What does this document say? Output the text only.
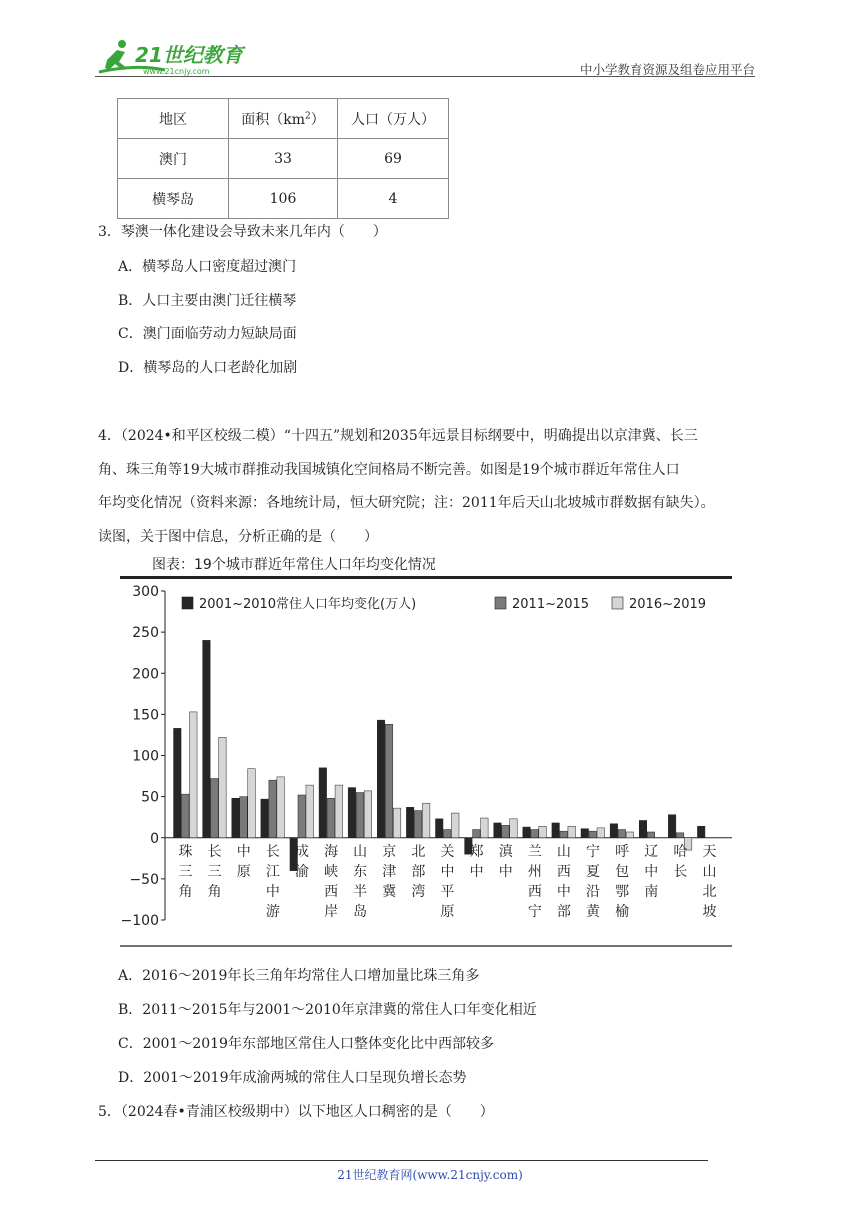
21世纪教育
www.21cnjy.com	中小学教育资源及组卷应用平台
地区	面积$(km^2)$	人口（万人）
澳门	33	69
横琴岛	106	4
3．琴澳一体化建设会导致未来几年内（　　）
A．横琴岛人口密度超过澳门
B．人口主要由澳门迁往横琴
C．澳门面临劳动力短缺局面
D．横琴岛的人口老龄化加剧
4．（2024•和平区校级二模）“十四五”规划和2035年远景目标纲要中，明确提出以京津冀、长三
角、珠三角等19大城市群推动我国城镇化空间格局不断完善。如图是19个城市群近年常住人口
年均变化情况（资料来源：各地统计局，恒大研究院；注：2011年后天山北坡城市群数据有缺失）。
读图，关于图中信息，分析正确的是（　　）
图表：19个城市群近年常住人口年均变化情况
−100
−50
0
50
100
150
200
250
300
2001~2010常住人口年均变化(万人)	2011~2015	2016~2019
珠
三
角
长
三
角
中
原
长
江
中
游
成
渝
海
峡
西
岸
山
东
半
岛
京
津
冀
北
部
湾
关
中
平
原
郑
中
滇
中
兰
州
西
宁
山
西
中
部
宁
夏
沿
黄
呼
包
鄂
榆
辽
中
南
哈
长
天
山
北
坡
A．2016～2019年长三角年均常住人口增加量比珠三角多
B．2011～2015年与2001～2010年京津冀的常住人口年变化相近
C．2001～2019年东部地区常住人口整体变化比中西部较多
D．2001～2019年成渝两城的常住人口呈现负增长态势
5．（2024春•青浦区校级期中）以下地区人口稠密的是（　　）
21世纪教育网(www.21cnjy.com)
